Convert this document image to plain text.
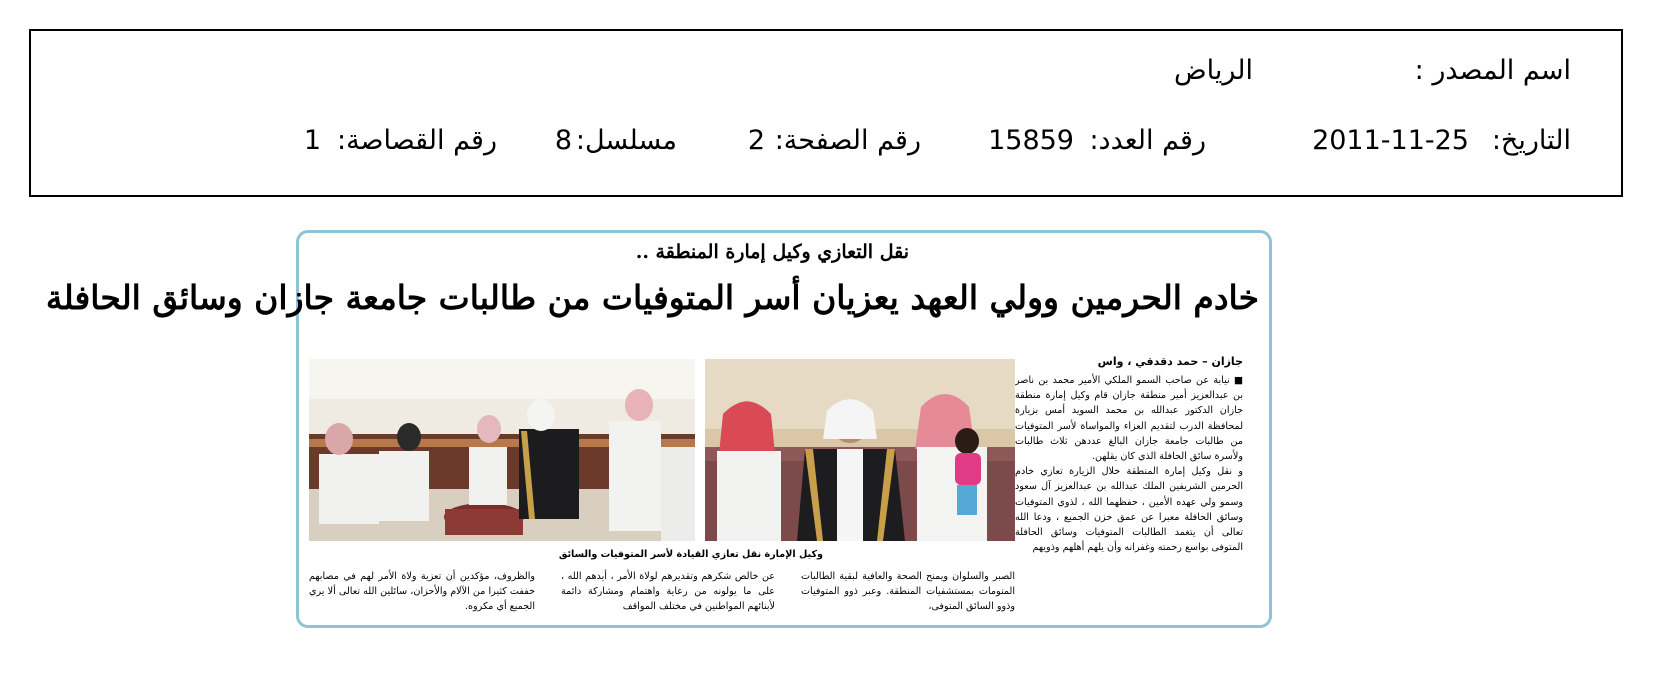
اسم المصدر :
الرياض
التاريخ:
2011-11-25
رقم العدد:
15859
رقم الصفحة:
2
مسلسل:
8
رقم القصاصة:
1
نقل التعازي وكيل إمارة المنطقة ..
خادم الحرمين وولي العهد يعزيان أسر المتوفيات من طالبات جامعة جازان وسائق الحافلة
جازان – حمد دقدقي ، واس

■ نيابة عن صاحب السمو الملكي الأمير محمد بن ناصر بن عبدالعزيز أمير منطقة جازان قام وكيل إمارة منطقة جازان الدكتور عبدالله بن محمد السويد أمس بزيارة لمحافظة الدرب لتقديم العزاء والمواساة لأسر المتوفيات من طالبات جامعة جازان البالغ عددهن ثلاث طالبات ولأسرة سائق الحافلة الذي كان يقلهن.

و نقل وكيل إمارة المنطقة خلال الزيارة تعازي خادم الحرمين الشريفين الملك عبدالله بن عبدالعزيز آل سعود وسمو ولي عهده الأمين ، حفظهما الله ، لذوي المتوفيات وسائق الحافلة معبرا عن عمق حزن الجميع ، ودعا الله تعالى أن يتغمد الطالبات المتوفيات وسائق الحافلة المتوفى بواسع رحمته وغفرانه وأن يلهم أهلهم وذويهم

وكيل الإمارة نقل تعازي القيادة لأسر المتوفيات والسائق
الصبر والسلوان ويمنح الصحة والعافية لبقية الطالبات المنومات بمستشفيات المنطقة. وعبر ذوو المتوفيات وذوو السائق المتوفى،
عن خالص شكرهم وتقديرهم لولاة الأمر ، أيدهم الله ، على ما يولونه من رعاية واهتمام ومشاركة دائمة لأبنائهم المواطنين في مختلف المواقف
والظروف، مؤكدين أن تعزية ولاة الأمر لهم في مصابهم خففت كثيرا من الآلام والأحزان، سائلين الله تعالى ألا يري الجميع أي مكروه.
